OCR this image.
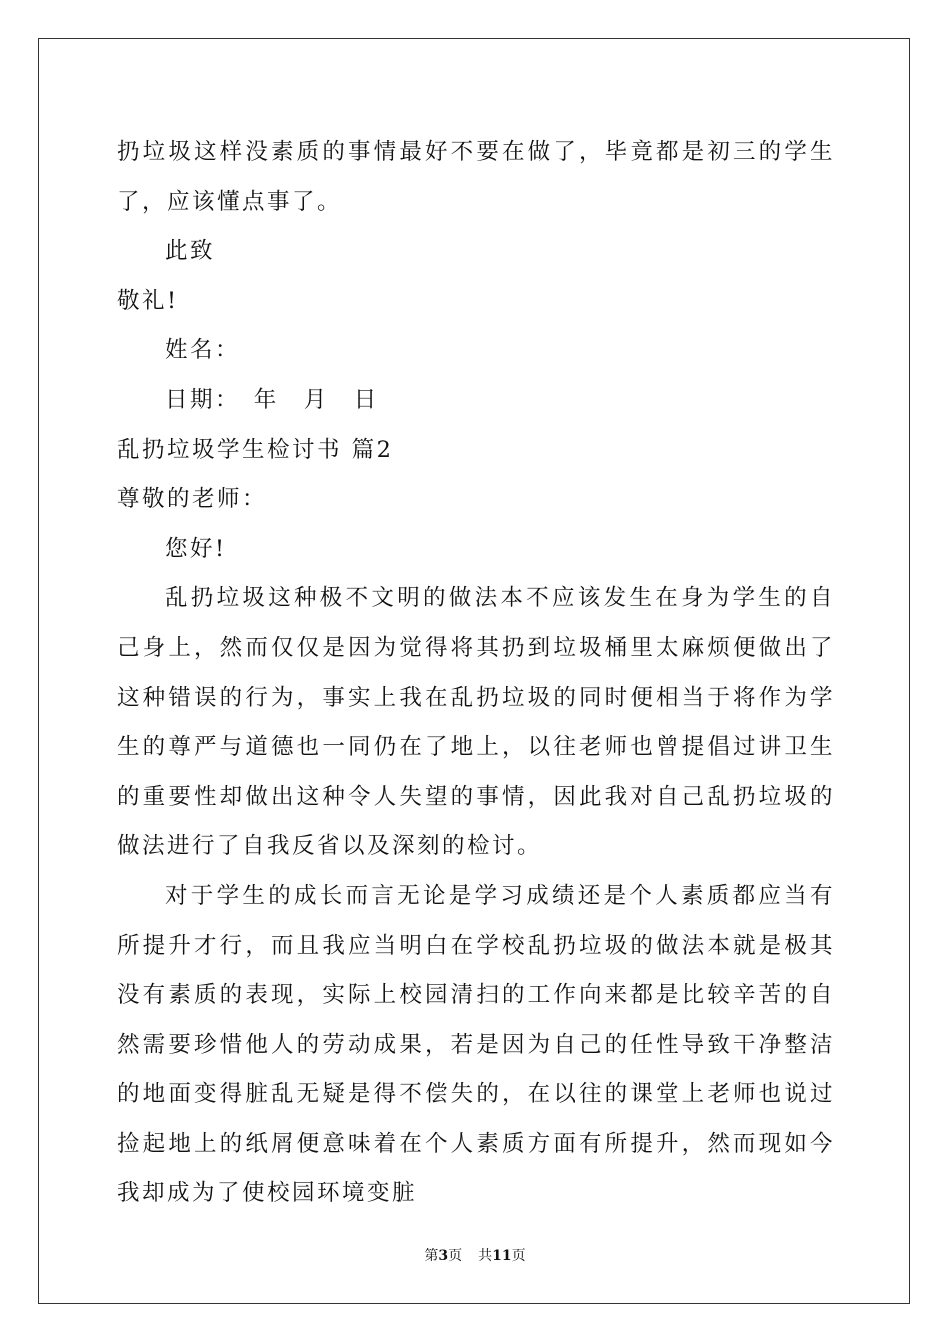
扔垃圾这样没素质的事情最好不要在做了，毕竟都是初三的学生了，应该懂点事了。

此致

敬礼!

姓名：

日期：　年　月　日

乱扔垃圾学生检讨书 篇2

尊敬的老师：

您好!

乱扔垃圾这种极不文明的做法本不应该发生在身为学生的自己身上，然而仅仅是因为觉得将其扔到垃圾桶里太麻烦便做出了这种错误的行为，事实上我在乱扔垃圾的同时便相当于将作为学生的尊严与道德也一同仍在了地上，以往老师也曾提倡过讲卫生的重要性却做出这种令人失望的事情，因此我对自己乱扔垃圾的做法进行了自我反省以及深刻的检讨。

对于学生的成长而言无论是学习成绩还是个人素质都应当有所提升才行，而且我应当明白在学校乱扔垃圾的做法本就是极其没有素质的表现，实际上校园清扫的工作向来都是比较辛苦的自然需要珍惜他人的劳动成果，若是因为自己的任性导致干净整洁的地面变得脏乱无疑是得不偿失的，在以往的课堂上老师也说过捡起地上的纸屑便意味着在个人素质方面有所提升，然而现如今我却成为了使校园环境变脏

第3页 共11页
